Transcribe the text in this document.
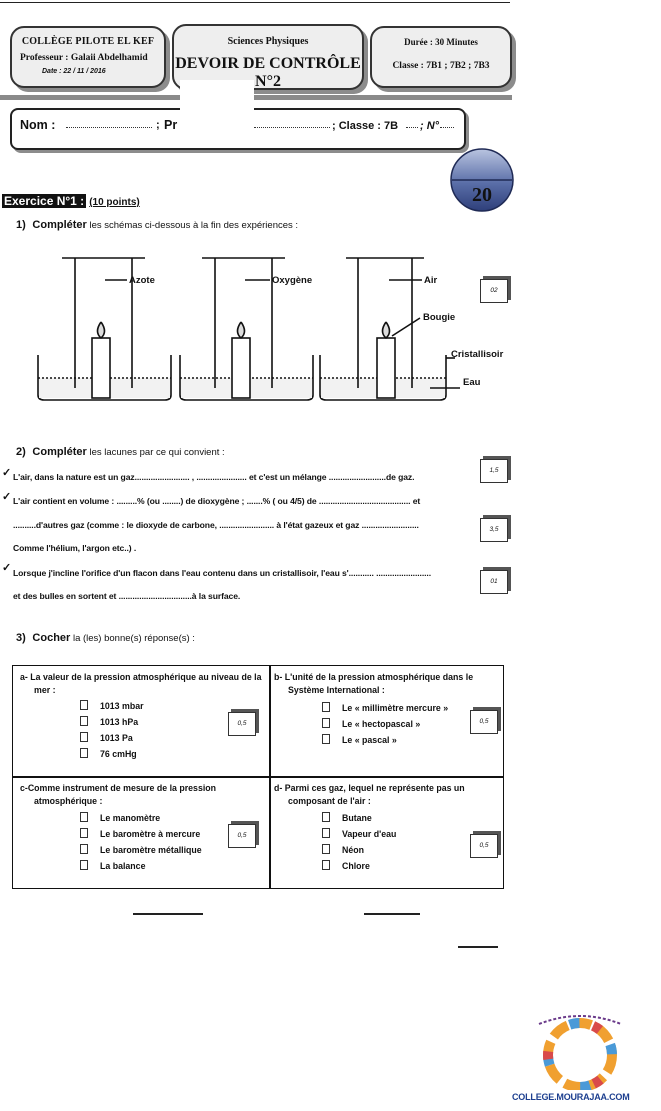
COLLÈGE PILOTE EL KEF
Professeur : Galaii Abdelhamid
Date : 22 / 11 / 2016
Sciences Physiques
DEVOIR DE CONTRÔLE N°2
Durée : 30 Minutes
Classe : 7B1 ; 7B2 ; 7B3
Nom :	; Pr	; Classe : 7B ; N°
20
Exercice N°1 : (10 points)
1) Compléter les schémas ci-dessous à la fin des expériences :
Azote	Oxygène	Air
Bougie
Cristallisoir
Eau
02
2) Compléter les lacunes par ce qui convient :
✓ L'air, dans la nature est un gaz........................ , ...................... et c'est un mélange .........................de gaz.
✓ L'air contient en volume : .........% (ou ........) de dioxygène ; .......% ( ou 4/5) de ........................................ et
..........d'autres gaz (comme : le dioxyde de carbone, ........................ à l'état gazeux et gaz .........................
Comme l'hélium, l'argon etc..) .
✓ Lorsque j'incline l'orifice d'un flacon dans l'eau contenu dans un cristallisoir, l'eau s'........... ........................
et des bulles en sortent et ................................à la surface.
1,5
3,5
01
3) Cocher la (les) bonne(s) réponse(s) :
a- La valeur de la pression atmosphérique au niveau de la
mer :
1013 mbar
1013 hPa
1013 Pa
76 cmHg
0,5
b- L'unité de la pression atmosphérique dans le
Système International :
Le « millimètre mercure »
Le « hectopascal »
Le « pascal »
0,5
c-Comme instrument de mesure de la pression
atmosphérique :
Le manomètre
Le baromètre à mercure
Le baromètre métallique
La balance
0,5
d- Parmi ces gaz, lequel ne représente pas un
composant de l'air :
Butane
Vapeur d'eau
Néon
Chlore
0,5
COLLEGE.MOURAJAA.COM
